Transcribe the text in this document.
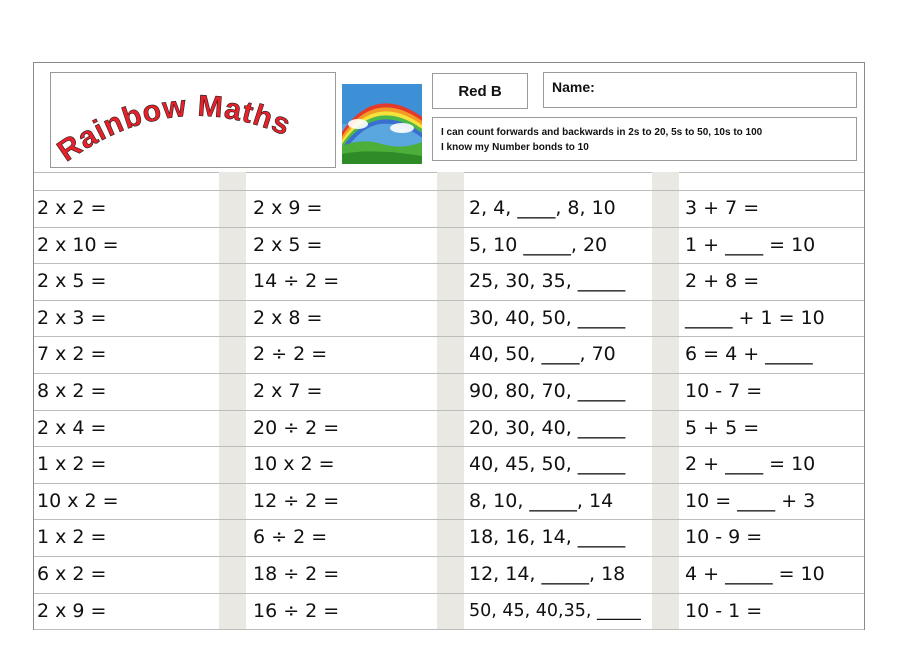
Rainbow Maths
Red B	Name:
I can count forwards and backwards in 2s to 20, 5s to 50, 10s to 100
I know my Number bonds to 10
2 x 2 =	2 x 9 =	2, 4, ____, 8, 10	3 + 7 =
2 x 10 =	2 x 5 =	5, 10 _____, 20	1 + ____ = 10
2 x 5 =	14 ÷ 2 =	25, 30, 35, _____	2 + 8 =
2 x 3 =	2 x 8 =	30, 40, 50, _____	_____ + 1 = 10
7 x 2 =	2 ÷ 2 =	40, 50, ____, 70	6 = 4 + _____
8 x 2 =	2 x 7 =	90, 80, 70, _____	10 - 7 =
2 x 4 =	20 ÷ 2 =	20, 30, 40, _____	5 + 5 =
1 x 2 =	10 x 2 =	40, 45, 50, _____	2 + ____ = 10
10 x 2 =	12 ÷ 2 =	8, 10, _____, 14	10 = ____ + 3
1 x 2 =	6 ÷ 2 =	18, 16, 14, _____	10 - 9 =
6 x 2 =	18 ÷ 2 =	12, 14, _____, 18	4 + _____ = 10
2 x 9 =	16 ÷ 2 =	50, 45, 40,35, _____ 10 - 1 =
